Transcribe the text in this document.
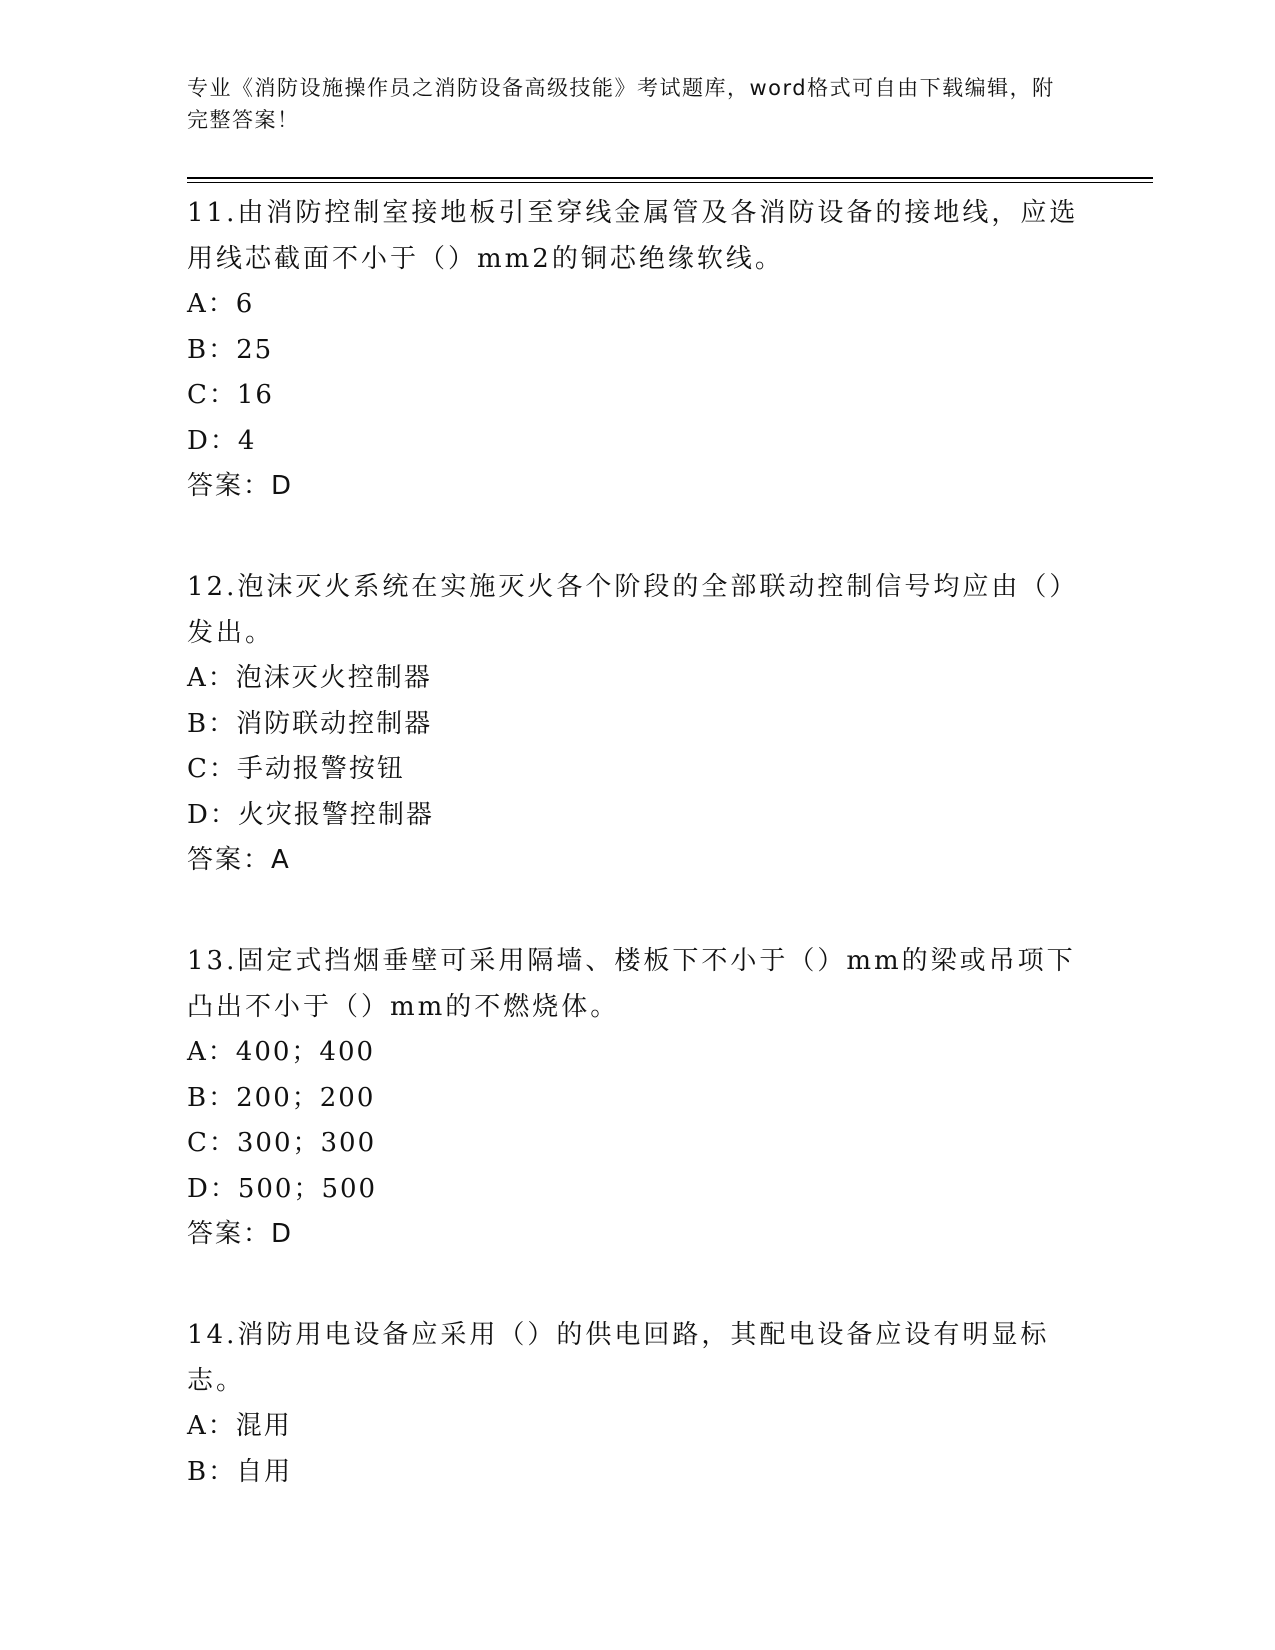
专业《消防设施操作员之消防设备高级技能》考试题库，word格式可自由下载编辑，附完整答案！

11.由消防控制室接地板引至穿线金属管及各消防设备的接地线，应选用线芯截面不小于（）mm2的铜芯绝缘软线。

A：6

B：25

C：16

D：4

答案：D

12.泡沫灭火系统在实施灭火各个阶段的全部联动控制信号均应由（）发出。

A：泡沫灭火控制器

B：消防联动控制器

C：手动报警按钮

D：火灾报警控制器

答案：A

13.固定式挡烟垂壁可采用隔墙、楼板下不小于（）mm的梁或吊项下凸出不小于（）mm的不燃烧体。

A：400；400

B：200；200

C：300；300

D：500；500

答案：D

14.消防用电设备应采用（）的供电回路，其配电设备应设有明显标志。

A：混用

B：自用
